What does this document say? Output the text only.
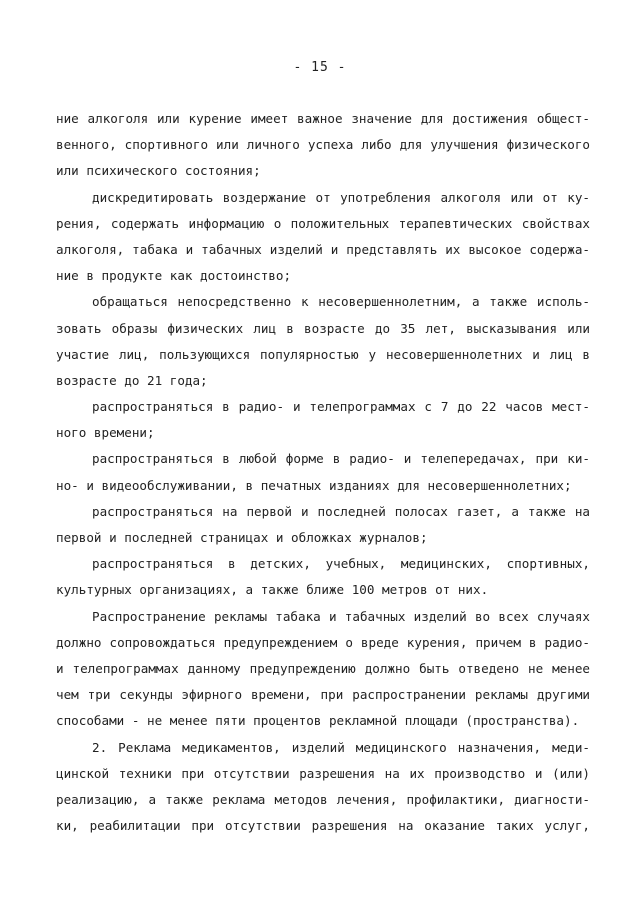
- 15 -
ние алкоголя или курение имеет важное значение для достижения общест-
венного, спортивного или личного успеха либо для улучшения физического
или психического состояния;
дискредитировать воздержание от употребления алкоголя или от ку-
рения, содержать информацию о положительных терапевтических свойствах
алкоголя, табака и табачных изделий и представлять их высокое содержа-
ние в продукте как достоинство;
обращаться непосредственно к несовершеннолетним, а также исполь-
зовать образы физических лиц в возрасте до 35 лет, высказывания или
участие лиц, пользующихся популярностью у несовершеннолетних и лиц в
возрасте до 21 года;
распространяться в радио- и телепрограммах с 7 до 22 часов мест-
ного времени;
распространяться в любой форме в радио- и телепередачах, при ки-
но- и видеообслуживании, в печатных изданиях для несовершеннолетних;
распространяться на первой и последней полосах газет, а также на
первой и последней страницах и обложках журналов;
распространяться в детских, учебных, медицинских, спортивных,
культурных организациях, а также ближе 100 метров от них.
Распространение рекламы табака и табачных изделий во всех случаях
должно сопровождаться предупреждением о вреде курения, причем в радио-
и телепрограммах данному предупреждению должно быть отведено не менее
чем три секунды эфирного времени, при распространении рекламы другими
способами - не менее пяти процентов рекламной площади (пространства).
2. Реклама медикаментов, изделий медицинского назначения, меди-
цинской техники при отсутствии разрешения на их производство и (или)
реализацию, а также реклама методов лечения, профилактики, диагности-
ки, реабилитации при отсутствии разрешения на оказание таких услуг,
